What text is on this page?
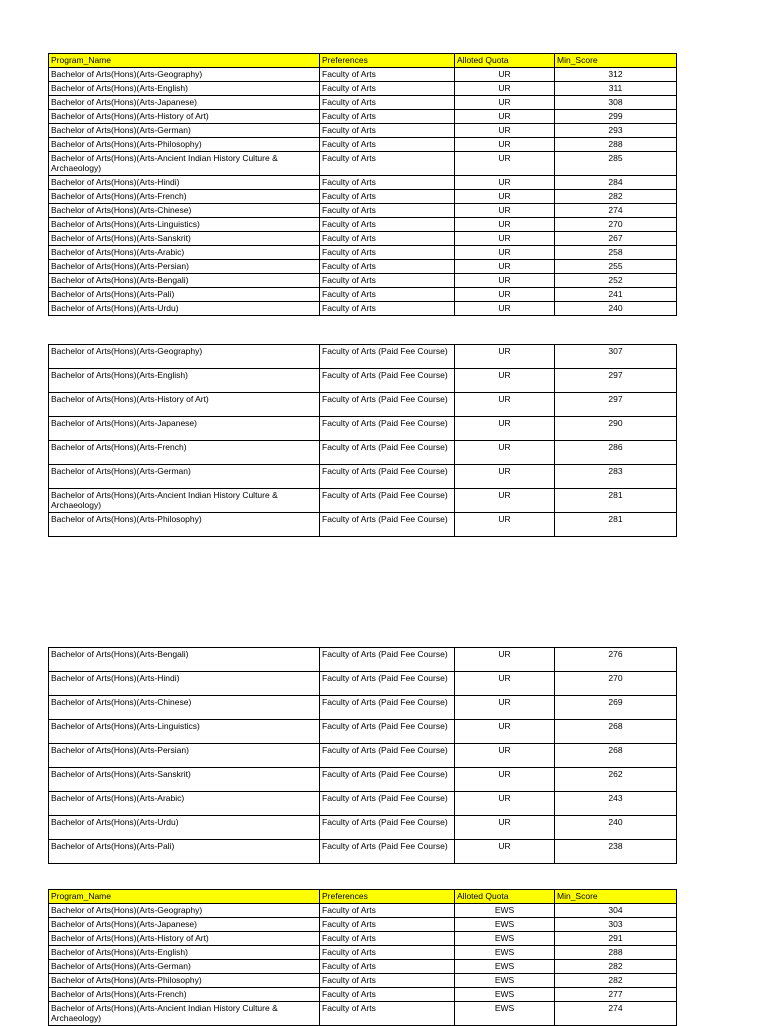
Program_Name	Preferences	Alloted Quota	Min_Score
Bachelor of Arts(Hons)(Arts-Geography)	Faculty of Arts	UR	312
Bachelor of Arts(Hons)(Arts-English)	Faculty of Arts	UR	311
Bachelor of Arts(Hons)(Arts-Japanese)	Faculty of Arts	UR	308
Bachelor of Arts(Hons)(Arts-History of Art)	Faculty of Arts	UR	299
Bachelor of Arts(Hons)(Arts-German)	Faculty of Arts	UR	293
Bachelor of Arts(Hons)(Arts-Philosophy)	Faculty of Arts	UR	288
Bachelor of Arts(Hons)(Arts-Ancient Indian History Culture & Archaeology)	Faculty of Arts	UR	285
Bachelor of Arts(Hons)(Arts-Hindi)	Faculty of Arts	UR	284
Bachelor of Arts(Hons)(Arts-French)	Faculty of Arts	UR	282
Bachelor of Arts(Hons)(Arts-Chinese)	Faculty of Arts	UR	274
Bachelor of Arts(Hons)(Arts-Linguistics)	Faculty of Arts	UR	270
Bachelor of Arts(Hons)(Arts-Sanskrit)	Faculty of Arts	UR	267
Bachelor of Arts(Hons)(Arts-Arabic)	Faculty of Arts	UR	258
Bachelor of Arts(Hons)(Arts-Persian)	Faculty of Arts	UR	255
Bachelor of Arts(Hons)(Arts-Bengali)	Faculty of Arts	UR	252
Bachelor of Arts(Hons)(Arts-Pali)	Faculty of Arts	UR	241
Bachelor of Arts(Hons)(Arts-Urdu)	Faculty of Arts	UR	240
Bachelor of Arts(Hons)(Arts-Geography)	Faculty of Arts (Paid Fee Course)	UR	307
Bachelor of Arts(Hons)(Arts-English)	Faculty of Arts (Paid Fee Course)	UR	297
Bachelor of Arts(Hons)(Arts-History of Art)	Faculty of Arts (Paid Fee Course)	UR	297
Bachelor of Arts(Hons)(Arts-Japanese)	Faculty of Arts (Paid Fee Course)	UR	290
Bachelor of Arts(Hons)(Arts-French)	Faculty of Arts (Paid Fee Course)	UR	286
Bachelor of Arts(Hons)(Arts-German)	Faculty of Arts (Paid Fee Course)	UR	283
Bachelor of Arts(Hons)(Arts-Ancient Indian History Culture & Archaeology)	Faculty of Arts (Paid Fee Course)	UR	281
Bachelor of Arts(Hons)(Arts-Philosophy)	Faculty of Arts (Paid Fee Course)	UR	281
Bachelor of Arts(Hons)(Arts-Bengali)	Faculty of Arts (Paid Fee Course)	UR	276
Bachelor of Arts(Hons)(Arts-Hindi)	Faculty of Arts (Paid Fee Course)	UR	270
Bachelor of Arts(Hons)(Arts-Chinese)	Faculty of Arts (Paid Fee Course)	UR	269
Bachelor of Arts(Hons)(Arts-Linguistics)	Faculty of Arts (Paid Fee Course)	UR	268
Bachelor of Arts(Hons)(Arts-Persian)	Faculty of Arts (Paid Fee Course)	UR	268
Bachelor of Arts(Hons)(Arts-Sanskrit)	Faculty of Arts (Paid Fee Course)	UR	262
Bachelor of Arts(Hons)(Arts-Arabic)	Faculty of Arts (Paid Fee Course)	UR	243
Bachelor of Arts(Hons)(Arts-Urdu)	Faculty of Arts (Paid Fee Course)	UR	240
Bachelor of Arts(Hons)(Arts-Pali)	Faculty of Arts (Paid Fee Course)	UR	238
Program_Name	Preferences	Alloted Quota	Min_Score
Bachelor of Arts(Hons)(Arts-Geography)	Faculty of Arts	EWS	304
Bachelor of Arts(Hons)(Arts-Japanese)	Faculty of Arts	EWS	303
Bachelor of Arts(Hons)(Arts-History of Art)	Faculty of Arts	EWS	291
Bachelor of Arts(Hons)(Arts-English)	Faculty of Arts	EWS	288
Bachelor of Arts(Hons)(Arts-German)	Faculty of Arts	EWS	282
Bachelor of Arts(Hons)(Arts-Philosophy)	Faculty of Arts	EWS	282
Bachelor of Arts(Hons)(Arts-French)	Faculty of Arts	EWS	277
Bachelor of Arts(Hons)(Arts-Ancient Indian History Culture & Archaeology)	Faculty of Arts	EWS	274
